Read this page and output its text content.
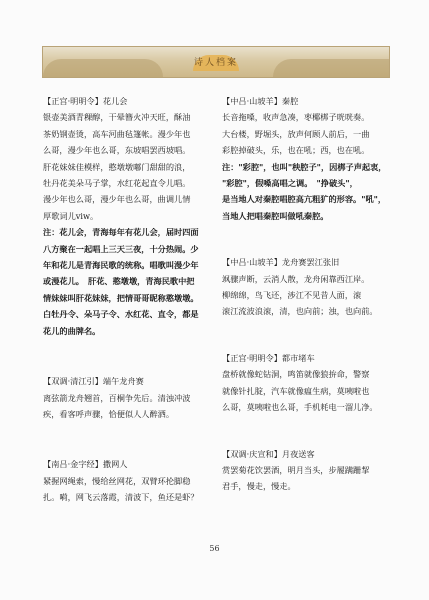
诗人档案
【正宫·明明令】花儿会
银壶美酒青稞醇，干晕簪火冲天旺，酥油
茶奶钢壶烫，高车河曲毡篷帐。漫少年也
么哥，漫少年也么哥，东坡唱罢西坡唱。
肝花妹妹佳模样，憨墩墩嘟门甜甜的浪，
牡丹花美朵马子掌，水红花起直令儿唱。
漫少年也么哥，漫少年也么哥，曲调儿情
厚歌词儿viw。
注：花儿会，青海每年有花儿会，届时四面
八方聚在一起唱上三天三夜，十分热闹。少
年和花儿是青海民歌的统称。唱歌叫漫少年
或漫花儿。　肝花、憨墩墩，青海民歌中把
情妹妹叫肝花妹妹，把情哥哥昵称憨墩墩。
白牡丹令、朵马子令、水红花、直令，都是
花儿的曲牌名。
【双调·清江引】端午龙舟赛
离弦箭龙舟翘首，百桐争先后。清浊冲波
疾，看客呼声骤，恰便似人人醉洒。
【南吕·金字经】撒网人
紧握网绳索，慢给丝网花，双臂环抡脚稳
扎。嗬，网飞云落霞，清波下，鱼还是虾？
【中吕·山坡羊】秦腔
长音拖嗓，收声急凑，枣椰梆子咣咣奏。
大台楼，野堀头，放声何顾人前后，一曲
彩腔掉破头，乐，也在吼；西，也在吼。
注："彩腔"，也叫"秧腔子"，因梆子声起衷，
"彩腔"，假嗓高唱之调。　"挣破头"，
是当地人对秦腔唱腔高亢粗犷的形容。"吼"，
当地人把唱秦腔叫做吼秦腔。
【中吕·山坡羊】龙舟赛罢江张旧
飒骤声断，云消人散，龙舟闲靠西江岸。
柳绵绵，鸟飞还，涉江不见昔人面，滚
滚江流波浪滚，清，也向前；浊，也向前。
【正宫·明明令】都市堵车
盘桥就像蛇钻洞，鸣笛就像狼拚命，警察
就像针扎腚，汽车就像瘟生病，莫咦啦也
么哥，莫咦啦也么哥，手机耗电一溜儿净。
【双调·庆宣和】月夜送客
赏罢菊花饮罢酒，明月当头，步履蹒跚挈
君手，慢走，慢走。
56
